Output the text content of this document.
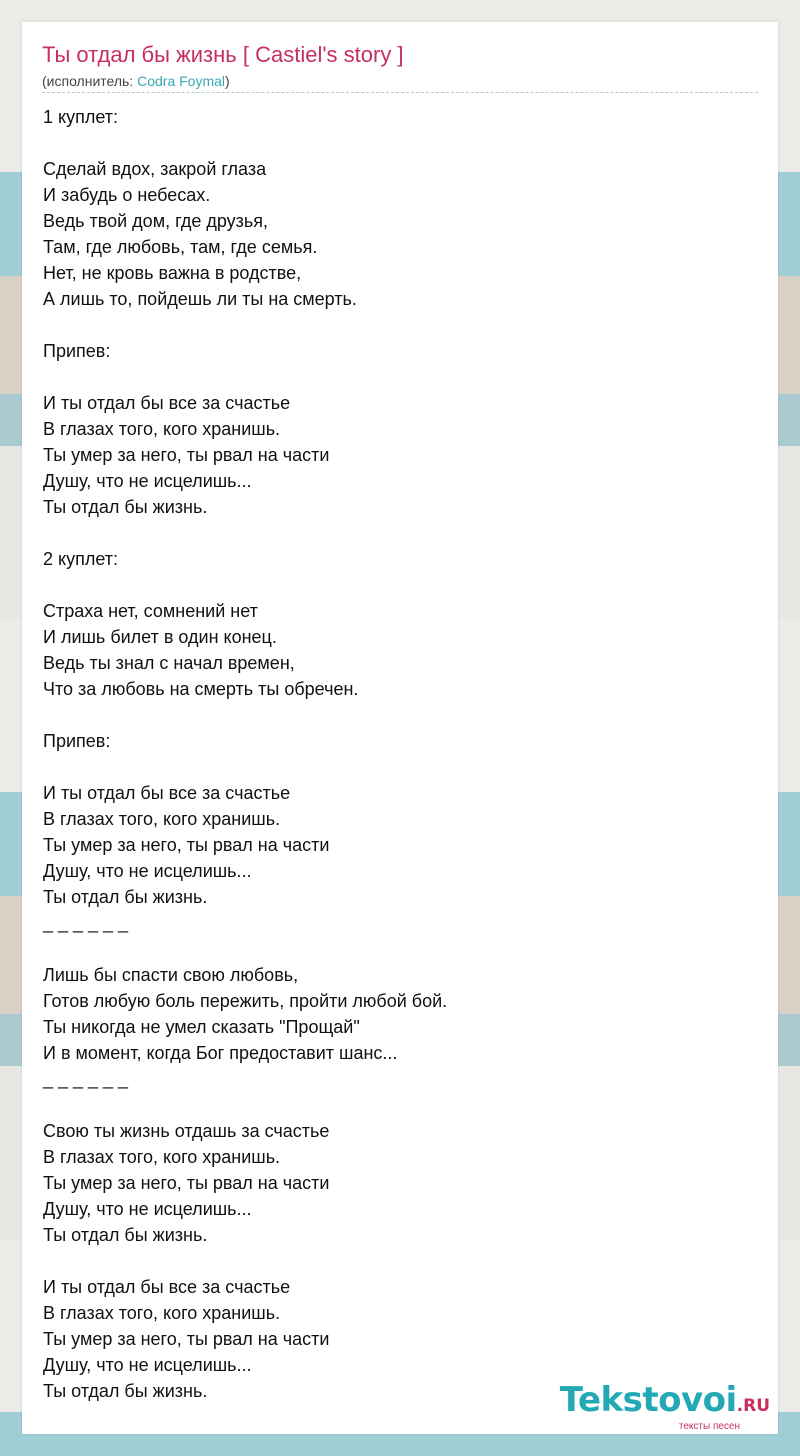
Ты отдал бы жизнь [ Castiel's story ]
(исполнитель: Codra Foymal)
1 куплет:
Сделай вдох, закрой глаза
И забудь о небесах.
Ведь твой дом, где друзья,
Там, где любовь, там, где семья.
Нет, не кровь важна в родстве,
А лишь то, пойдешь ли ты на смерть.
Припев:
И ты отдал бы все за счастье
В глазах того, кого хранишь.
Ты умер за него, ты рвал на части
Душу, что не исцелишь...
Ты отдал бы жизнь.
2 куплет:
Страха нет, сомнений нет
И лишь билет в один конец.
Ведь ты знал с начал времен,
Что за любовь на смерть ты обречен.
Припев:
И ты отдал бы все за счастье
В глазах того, кого хранишь.
Ты умер за него, ты рвал на части
Душу, что не исцелишь...
Ты отдал бы жизнь.
_ _ _ _ _ _
Лишь бы спасти свою любовь,
Готов любую боль пережить, пройти любой бой.
Ты никогда не умел сказать "Прощай"
И в момент, когда Бог предоставит шанс...
_ _ _ _ _ _
Свою ты жизнь отдашь за счастье
В глазах того, кого хранишь.
Ты умер за него, ты рвал на части
Душу, что не исцелишь...
Ты отдал бы жизнь.
И ты отдал бы все за счастье
В глазах того, кого хранишь.
Ты умер за него, ты рвал на части
Душу, что не исцелишь...
Ты отдал бы жизнь.	Tekstovoi.RU
тексты песен
